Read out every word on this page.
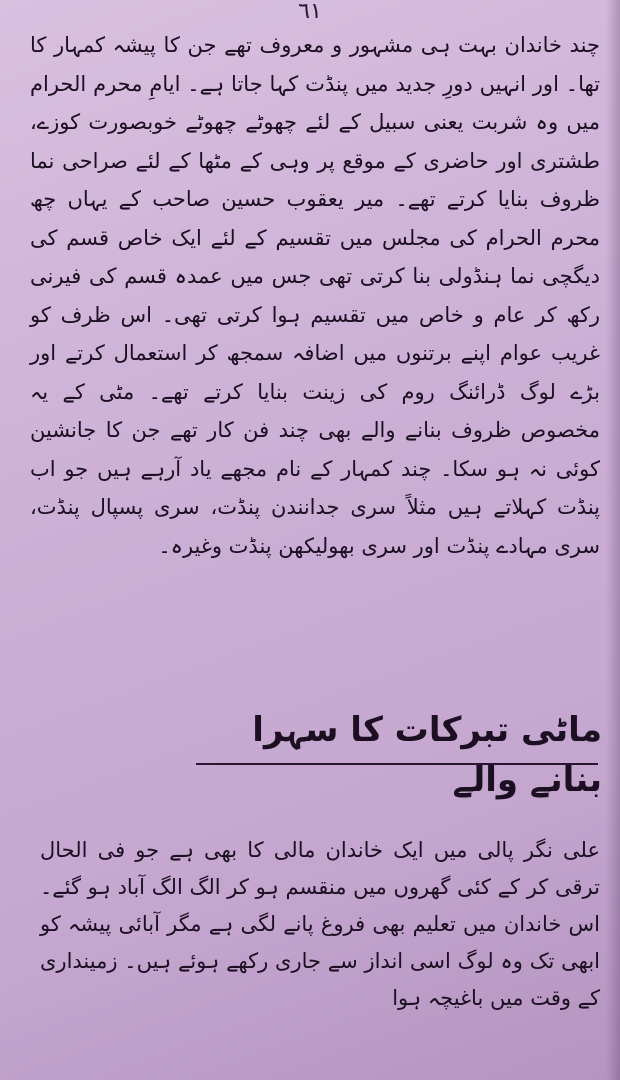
٦١

چند خاندان بہت ہی مشہور و معروف تھے جن کا پیشہ کمہار کا تھا۔ اور انہیں دورِ جدید میں پنڈت کہا جاتا ہے۔ ایامِ محرم الحرام میں وہ شربت یعنی سبیل کے لئے چھوٹے چھوٹے خوبصورت کوزے، طشتری اور حاضری کے موقع پر وہی کے مٹھا کے لئے صراحی نما ظروف بنایا کرتے تھے۔ میر یعقوب حسین صاحب کے یہاں چھ محرم الحرام کی مجلس میں تقسیم کے لئے ایک خاص قسم کی دیگچی نما ہنڈولی بنا کرتی تھی جس میں عمدہ قسم کی فیرنی رکھ کر عام و خاص میں تقسیم ہوا کرتی تھی۔ اس ظرف کو غریب عوام اپنے برتنوں میں اضافہ سمجھ کر استعمال کرتے اور بڑے لوگ ڈرائنگ روم کی زینت بنایا کرتے تھے۔ مٹی کے یہ مخصوص ظروف بنانے والے بھی چند فن کار تھے جن کا جانشین کوئی نہ ہو سکا۔ چند کمہار کے نام مجھے یاد آرہے ہیں جو اب پنڈت کہلاتے ہیں مثلاً سری جدانندن پنڈت، سری پسپال پنڈت، سری مہادے پنڈت اور سری بھولیکھن پنڈت وغیرہ۔

ماٹی تبرکات کا سہرا بنانے والے

علی نگر پالی میں ایک خاندان مالی کا بھی ہے جو فی الحال ترقی کر کے کئی گھروں میں منقسم ہو کر الگ الگ آباد ہو گئے۔ اس خاندان میں تعلیم بھی فروغ پانے لگی ہے مگر آبائی پیشہ کو ابھی تک وہ لوگ اسی انداز سے جاری رکھے ہوئے ہیں۔ زمینداری کے وقت میں باغیچہ ہوا
